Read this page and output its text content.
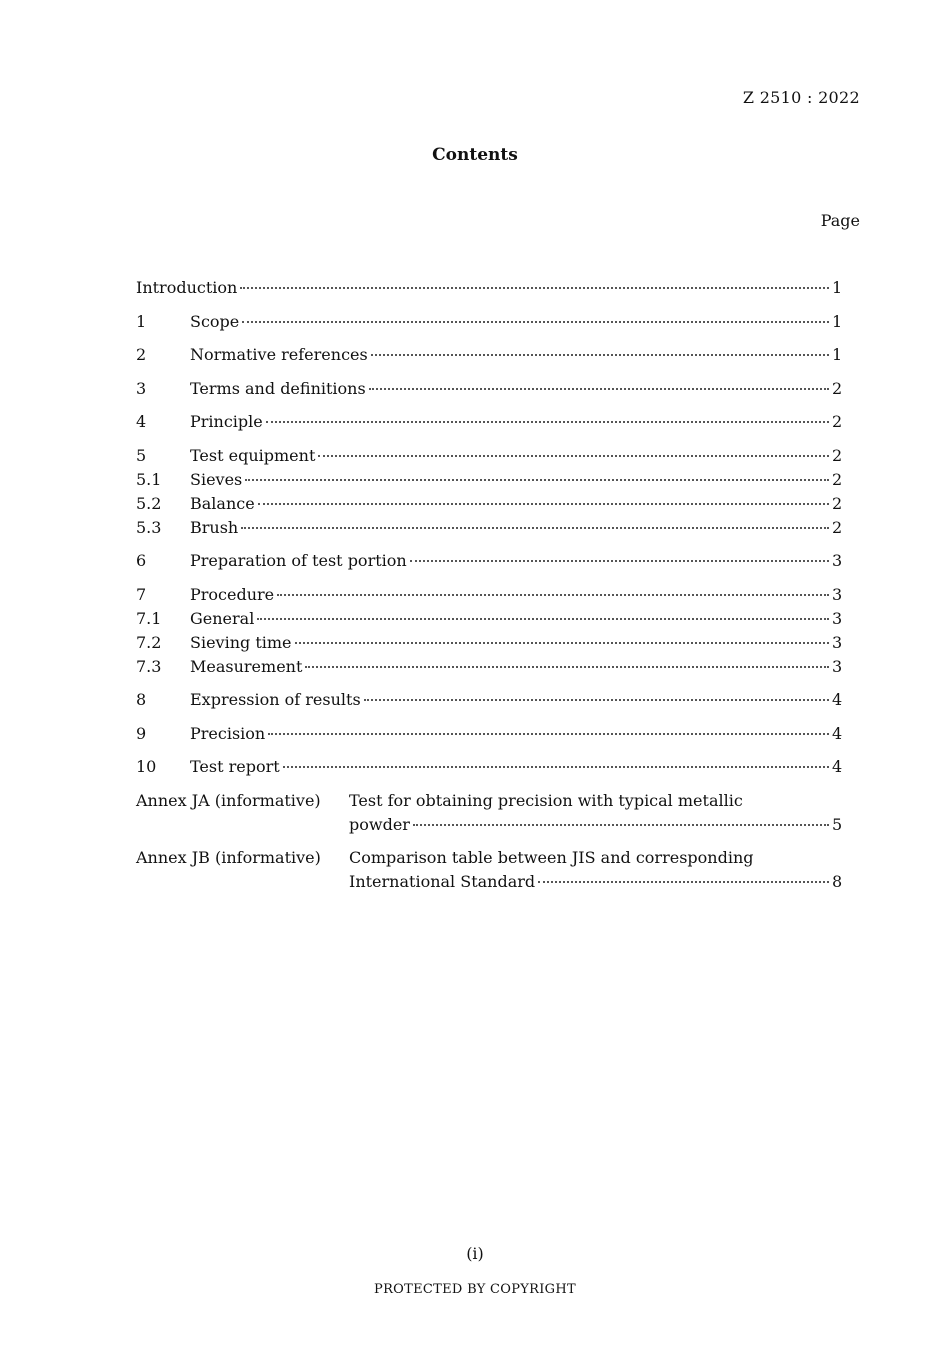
Z 2510 : 2022
Contents
Page
Introduction	1
1	Scope	1
2	Normative references	1
3	Terms and definitions	2
4	Principle	2
5	Test equipment	2
5.1	Sieves	2
5.2	Balance	2
5.3	Brush	2
6	Preparation of test portion	3
7	Procedure	3
7.1	General	3
7.2	Sieving time	3
7.3	Measurement	3
8	Expression of results	4
9	Precision	4
10	Test report	4
Annex JA (informative)	Test for obtaining precision with typical metallic
powder	5
Annex JB (informative)	Comparison table between JIS and corresponding
International Standard	8
(i)
PROTECTED BY COPYRIGHT
